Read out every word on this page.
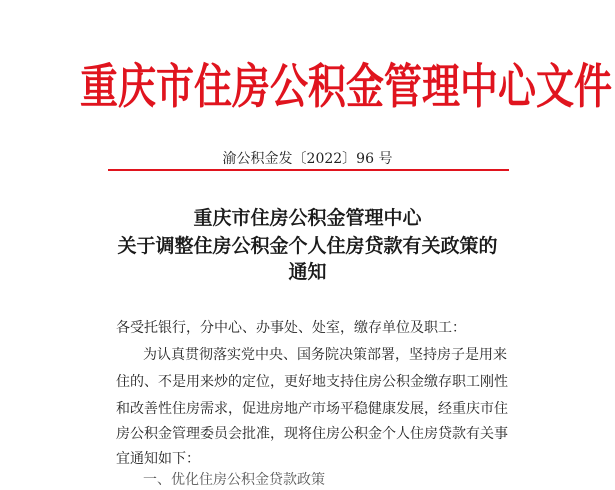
重庆市住房公积金管理中心文件
渝公积金发〔2022〕96 号
重庆市住房公积金管理中心
关于调整住房公积金个人住房贷款有关政策的
通知
各受托银行，分中心、办事处、处室，缴存单位及职工：
为认真贯彻落实党中央、国务院决策部署，坚持房子是用来
住的、不是用来炒的定位，更好地支持住房公积金缴存职工刚性
和改善性住房需求，促进房地产市场平稳健康发展，经重庆市住
房公积金管理委员会批准，现将住房公积金个人住房贷款有关事
宜通知如下：
一、优化住房公积金贷款政策
